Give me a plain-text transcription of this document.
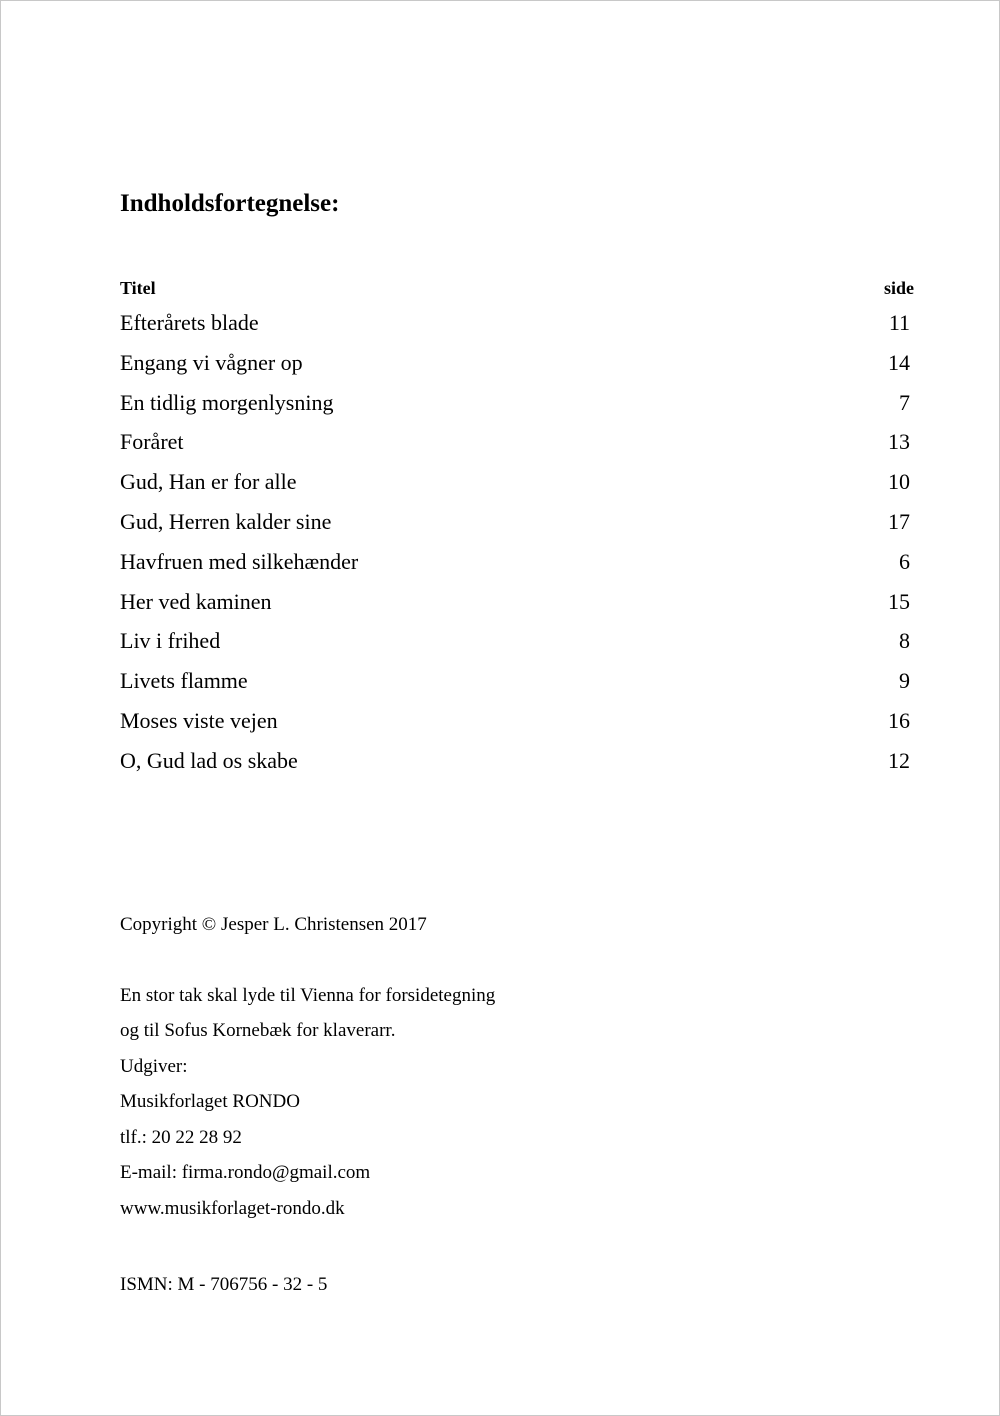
Indholdsfortegnelse:
Titel	side
Efterårets blade	11
Engang vi vågner op	14
En tidlig morgenlysning	7
Foråret	13
Gud, Han er for alle	10
Gud, Herren kalder sine	17
Havfruen med silkehænder	6
Her ved kaminen	15
Liv i frihed	8
Livets flamme	9
Moses viste vejen	16
O, Gud lad os skabe	12
Copyright © Jesper L. Christensen 2017
En stor tak skal lyde til Vienna for forsidetegning
og til Sofus Kornebæk for klaverarr.
Udgiver:
Musikforlaget RONDO
tlf.: 20 22 28 92
E-mail: firma.rondo@gmail.com
www.musikforlaget-rondo.dk
ISMN: M - 706756 - 32 - 5
